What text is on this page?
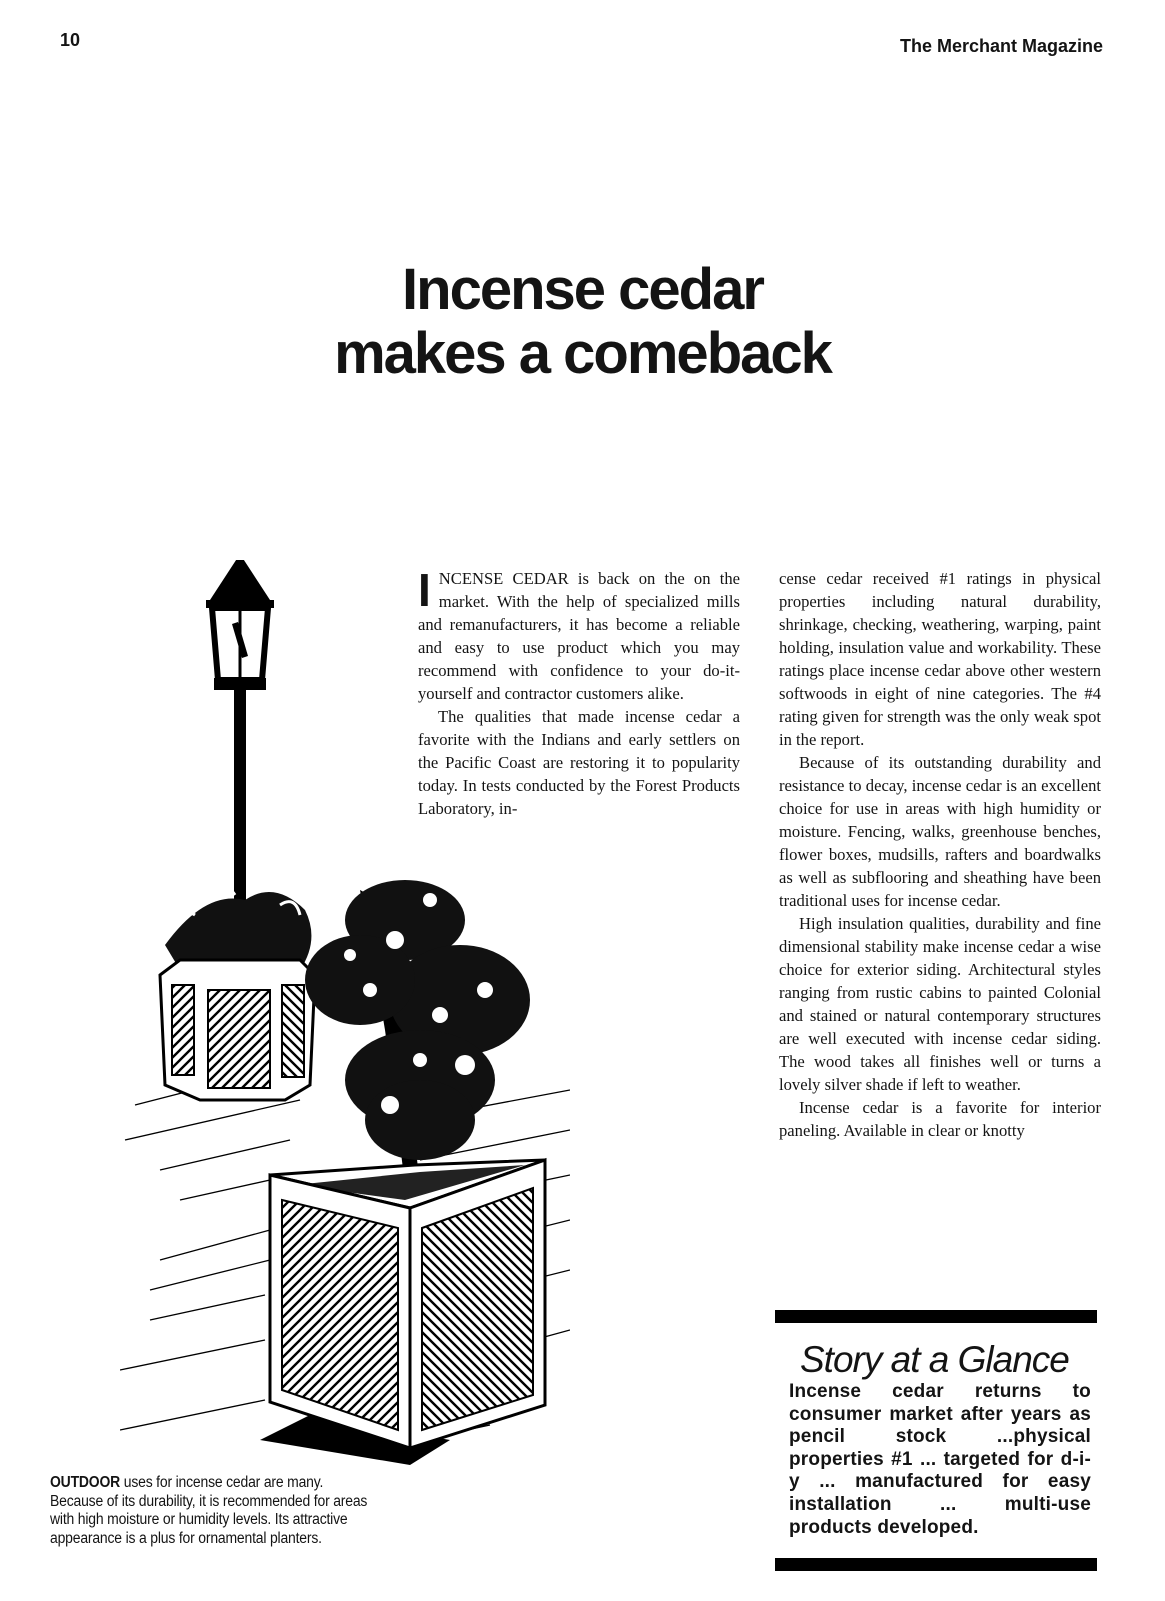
10	The Merchant Magazine
Incense cedar
makes a comeback

INCENSE CEDAR is back on the on the market. With the help of specialized mills and remanufacturers, it has become a reliable and easy to use product which you may recommend with confidence to your do-it-yourself and contractor customers alike.

The qualities that made incense cedar a favorite with the Indians and early settlers on the Pacific Coast are restoring it to popularity today. In tests conducted by the Forest Products Laboratory, in-

cense cedar received #1 ratings in physical properties including natural durability, shrinkage, checking, weathering, warping, paint holding, insulation value and workability. These ratings place incense cedar above other western softwoods in eight of nine categories. The #4 rating given for strength was the only weak spot in the report.

Because of its outstanding durability and resistance to decay, incense cedar is an excellent choice for use in areas with high humidity or moisture. Fencing, walks, greenhouse benches, flower boxes, mudsills, rafters and boardwalks as well as subflooring and sheathing have been traditional uses for incense cedar.

High insulation qualities, durability and fine dimensional stability make incense cedar a wise choice for exterior siding. Architectural styles ranging from rustic cabins to painted Colonial and stained or natural contemporary structures are well executed with incense cedar siding. The wood takes all finishes well or turns a lovely silver shade if left to weather.

Incense cedar is a favorite for interior paneling. Available in clear or knotty

OUTDOOR uses for incense cedar are many. Because of its durability, it is recommended for areas with high moisture or humidity levels. Its attractive appearance is a plus for ornamental planters.
Story at a Glance
Incense cedar returns to consumer market after years as pencil stock ...physical properties #1 ... targeted for d-i-y ... manufactured for easy installation ... multi-use products developed.
